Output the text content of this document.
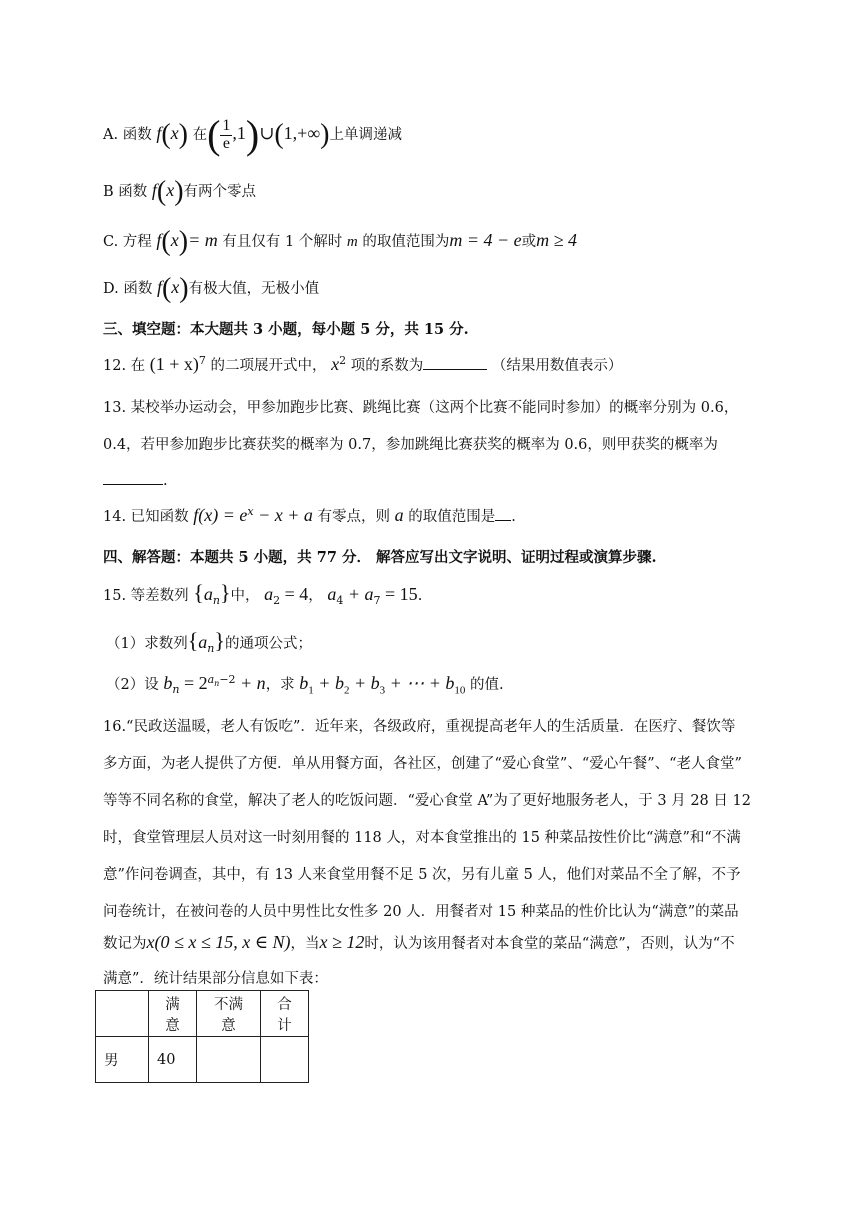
A. 函数 f(x) 在( $\frac{1}{e}$ ,1)∪(1,+∞)上单调递减
B 函数 f(x)有两个零点
C. 方程 f(x)= m 有且仅有 1 个解时 m 的取值范围为m = 4 − e或m ≥ 4
D. 函数 f(x)有极大值，无极小值
三、填空题：本大题共 3 小题，每小题 5 分，共 15 分.
12. 在 $(1 + x)^7$ 的二项展开式中， $x^2$ 项的系数为	（结果用数值表示）
13. 某校举办运动会，甲参加跑步比赛、跳绳比赛（这两个比赛不能同时参加）的概率分别为 0.6，
0.4，若甲参加跑步比赛获奖的概率为 0.7，参加跳绳比赛获奖的概率为 0.6，则甲获奖的概率为
.
14. 已知函数 $f(x) = e^x - x + a$ 有零点，则 a 的取值范围是 .
四、解答题：本题共 5 小题，共 77 分． 解答应写出文字说明、证明过程或演算步骤.
15. 等差数列 $\{a_n\}$中， $a_2 = 4$， $a_4 + a_7 = 15$.
（1）求数列$\{a_n\}$的通项公式；
（2）设 $b_n = 2^{a_n-2} + n$，求 $b_1 + b_2 + b_3$ + ⋯ + $b_{10}$ 的值.
16.“民政送温暖，老人有饭吃”．近年来，各级政府，重视提高老年人的生活质量．在医疗、餐饮等
多方面，为老人提供了方便．单从用餐方面，各社区，创建了“爱心食堂”、“爱心午餐”、“老人食堂”
等等不同名称的食堂，解决了老人的吃饭问题．“爱心食堂 A”为了更好地服务老人，于 3 月 28 日 12
时，食堂管理层人员对这一时刻用餐的 118 人，对本食堂推出的 15 种菜品按性价比“满意”和“不满
意”作问卷调查，其中，有 13 人来食堂用餐不足 5 次，另有儿童 5 人，他们对菜品不全了解，不予
问卷统计，在被问卷的人员中男性比女性多 20 人．用餐者对 15 种菜品的性价比认为“满意”的菜品
数记为x(0 ≤ x ≤ 15, x ∈ N)，当x ≥ 12时，认为该用餐者对本食堂的菜品“满意”，否则，认为“不
满意”．统计结果部分信息如下表：
	满意	不满意	合计
男	40		
